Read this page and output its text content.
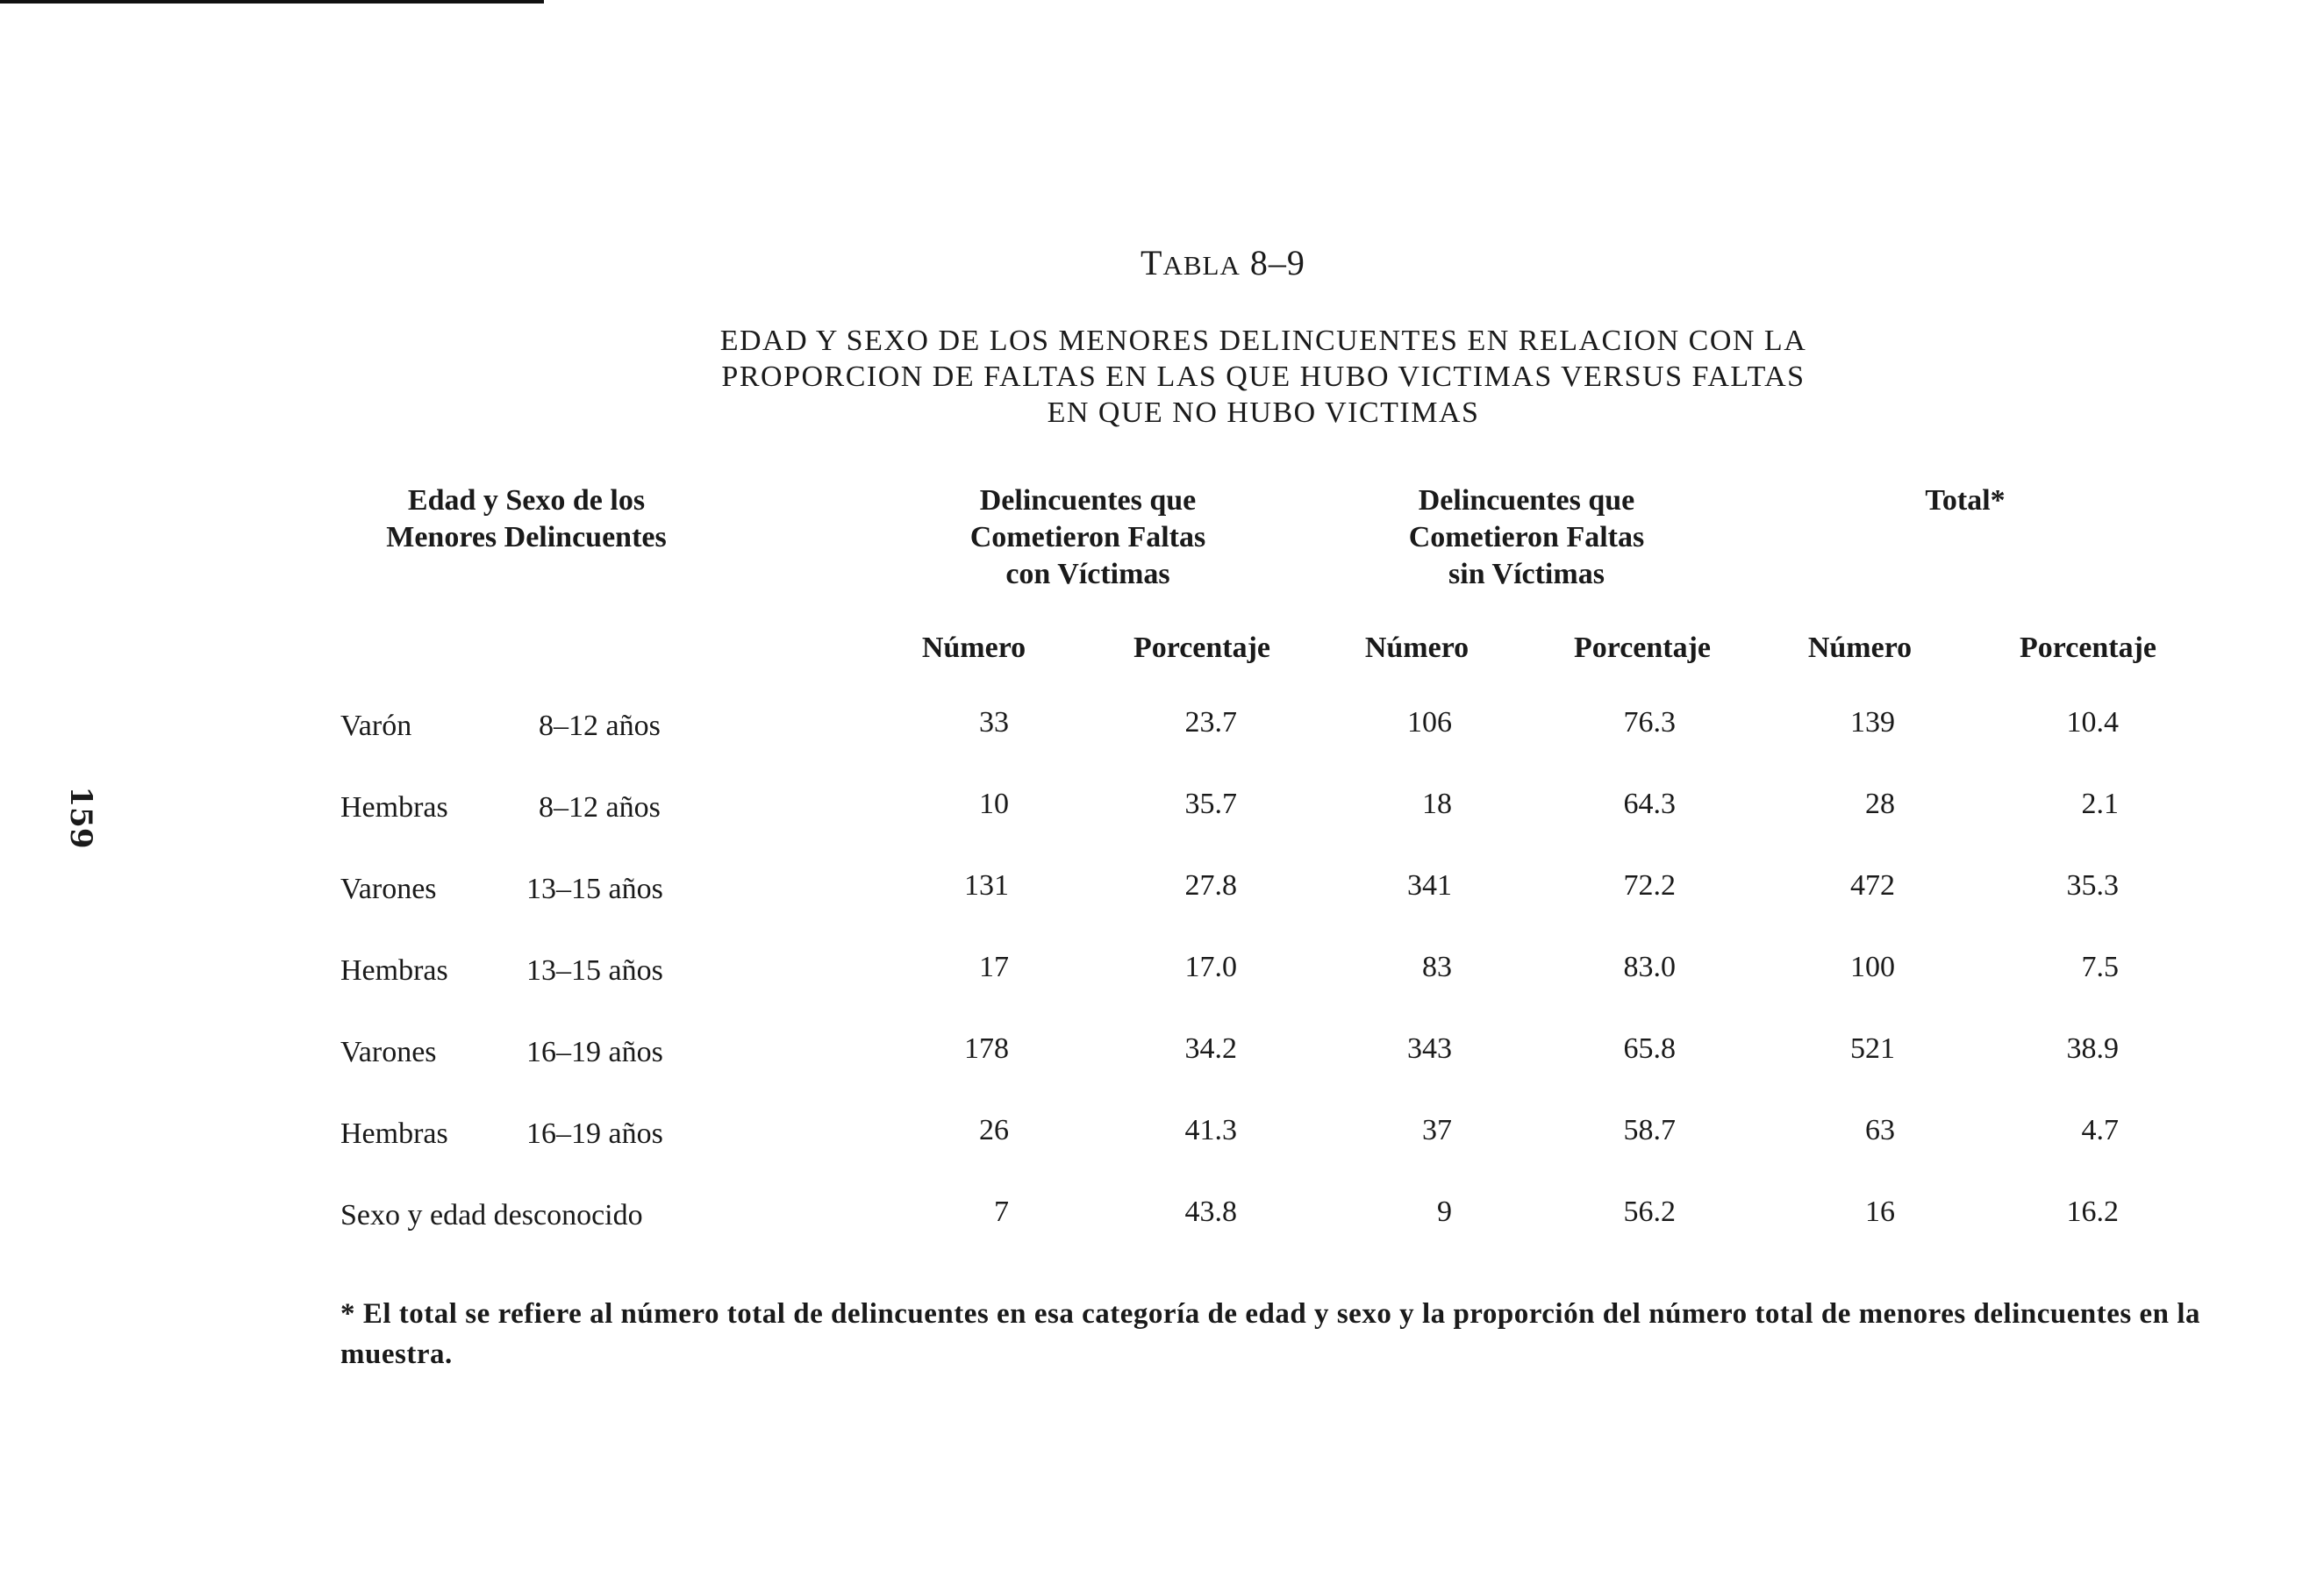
159
TABLA 8–9
EDAD Y SEXO DE LOS MENORES DELINCUENTES EN RELACION CON LA
PROPORCION DE FALTAS EN LAS QUE HUBO VICTIMAS VERSUS FALTAS
EN QUE NO HUBO VICTIMAS
Edad y Sexo de los
Menores Delincuentes
Delincuentes que
Cometieron Faltas
con Víctimas
Delincuentes que
Cometieron Faltas
sin Víctimas
Total*
Número	Porcentaje	Número	Porcentaje	Número	Porcentaje
Varón	8–12 años	33	23.7	106	76.3	139	10.4
Hembras	8–12 años	10	35.7	18	64.3	28	2.1
Varones	13–15 años	131	27.8	341	72.2	472	35.3
Hembras	13–15 años	17	17.0	83	83.0	100	7.5
Varones	16–19 años	178	34.2	343	65.8	521	38.9
Hembras	16–19 años	26	41.3	37	58.7	63	4.7
Sexo y edad desconocido	7	43.8	9	56.2	16	16.2
* El total se refiere al número total de delincuentes en esa categoría de edad y sexo y la proporción del número total de menores delincuentes en la muestra.
